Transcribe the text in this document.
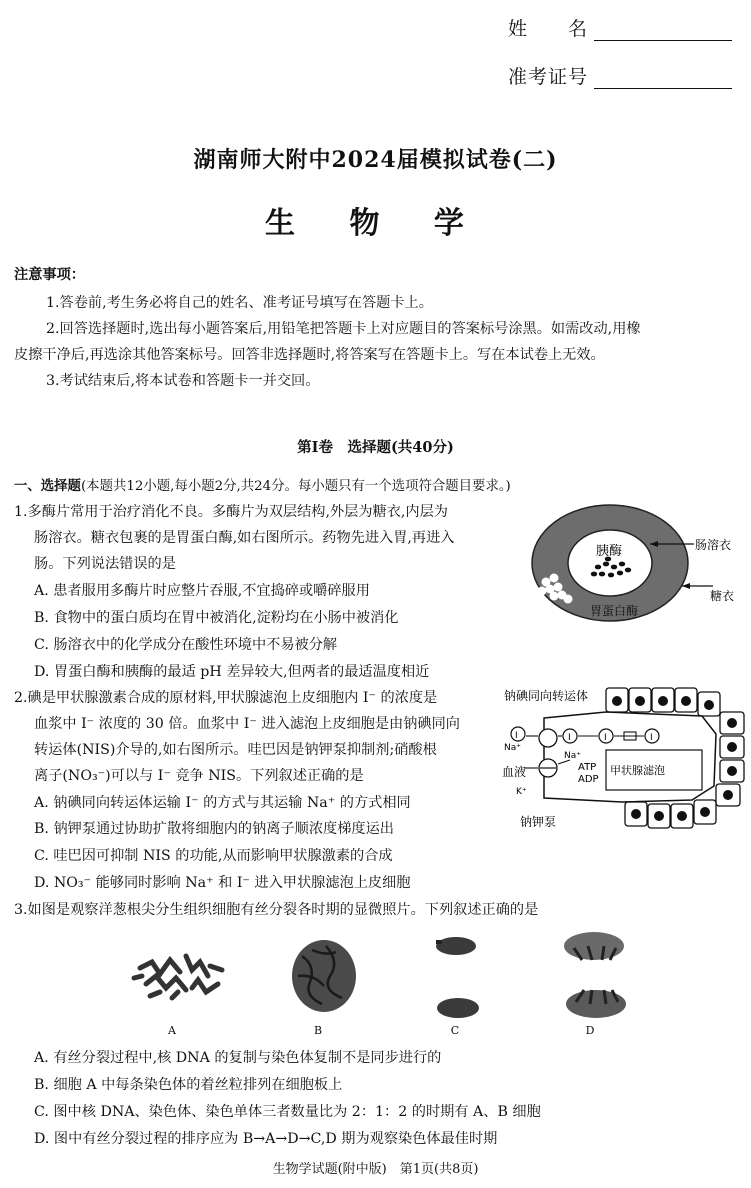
姓　　名
准考证号
湖南师大附中2024届模拟试卷(二)
生 物 学
注意事项：
1.答卷前,考生务必将自己的姓名、准考证号填写在答题卡上。
2.回答选择题时,选出每小题答案后,用铅笔把答题卡上对应题目的答案标号涂黑。如需改动,用橡
皮擦干净后,再选涂其他答案标号。回答非选择题时,将答案写在答题卡上。写在本试卷上无效。
3.考试结束后,将本试卷和答题卡一并交回。
第Ⅰ卷　选择题(共40分)
一、选择题(本题共12小题,每小题2分,共24分。每小题只有一个选项符合题目要求。)
1.多酶片常用于治疗消化不良。多酶片为双层结构,外层为糖衣,内层为
肠溶衣。糖衣包裹的是胃蛋白酶,如右图所示。药物先进入胃,再进入
肠。下列说法错误的是
A. 患者服用多酶片时应整片吞服,不宜捣碎或嚼碎服用
B. 食物中的蛋白质均在胃中被消化,淀粉均在小肠中被消化
C. 肠溶衣中的化学成分在酸性环境中不易被分解
D. 胃蛋白酶和胰酶的最适 pH 差异较大,但两者的最适温度相近
胰酶
胃蛋白酶
肠溶衣
糖衣
2.碘是甲状腺激素合成的原材料,甲状腺滤泡上皮细胞内 I⁻ 的浓度是
血浆中 I⁻ 浓度的 30 倍。血浆中 I⁻ 进入滤泡上皮细胞是由钠碘同向
转运体(NIS)介导的,如右图所示。哇巴因是钠钾泵抑制剂;硝酸根
离子(NO₃⁻)可以与 I⁻ 竞争 NIS。下列叙述正确的是
A. 钠碘同向转运体运输 I⁻ 的方式与其运输 Na⁺ 的方式相同
B. 钠钾泵通过协助扩散将细胞内的钠离子顺浓度梯度运出
C. 哇巴因可抑制 NIS 的功能,从而影响甲状腺激素的合成
D. NO₃⁻ 能够同时影响 Na⁺ 和 I⁻ 进入甲状腺滤泡上皮细胞
甲状腺滤泡
I	I	I	I
Na⁺
K⁺
Na⁺
ATP
ADP
钠碘同向转运体
血液
钠钾泵
3.如图是观察洋葱根尖分生组织细胞有丝分裂各时期的显微照片。下列叙述正确的是
A	B	C	D
A. 有丝分裂过程中,核 DNA 的复制与染色体复制不是同步进行的
B. 细胞 A 中每条染色体的着丝粒排列在细胞板上
C. 图中核 DNA、染色体、染色单体三者数量比为 2：1：2 的时期有 A、B 细胞
D. 图中有丝分裂过程的排序应为 B→A→D→C,D 期为观察染色体最佳时期
生物学试题(附中版)　第1页(共8页)
